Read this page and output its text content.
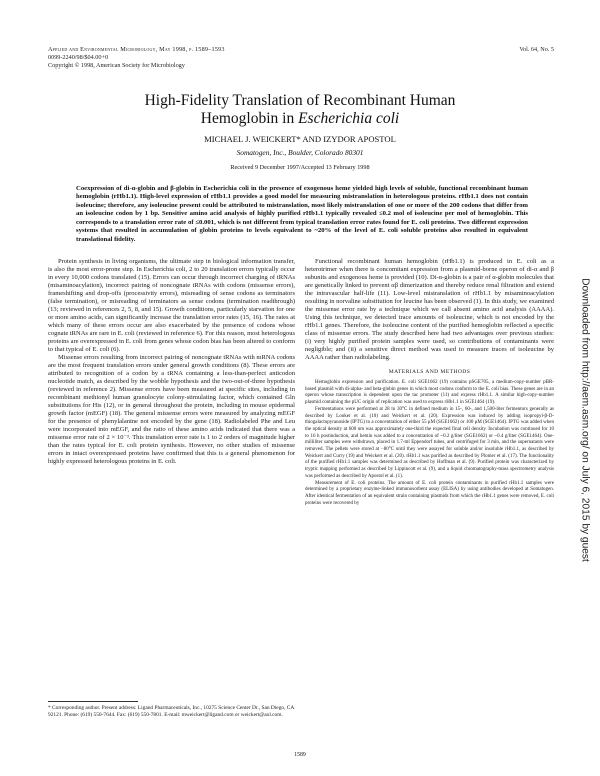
Applied and Environmental Microbiology, May 1998, p. 1589–1593	Vol. 64, No. 5
0099-2240/98/$04.00+0
Copyright © 1998, American Society for Microbiology
High-Fidelity Translation of Recombinant Human
Hemoglobin in Escherichia coli
MICHAEL J. WEICKERT* AND IZYDOR APOSTOL
Somatogen, Inc., Boulder, Colorado 80301
Received 9 December 1997/Accepted 13 February 1998
Coexpression of di-α-globin and β-globin in Escherichia coli in the presence of exogenous heme yielded high levels of soluble, functional recombinant human hemoglobin (rHb1.1). High-level expression of rHb1.1 provides a good model for measuring mistranslation in heterologous proteins. rHb1.1 does not contain isoleucine; therefore, any isoleucine present could be attributed to mistranslation, most likely mistranslation of one or more of the 200 codons that differ from an isoleucine codon by 1 bp. Sensitive amino acid analysis of highly purified rHb1.1 typically revealed ≤0.2 mol of isoleucine per mol of hemoglobin. This corresponds to a translation error rate of ≤0.001, which is not different from typical translation error rates found for E. coli proteins. Two different expression systems that resulted in accumulation of globin proteins to levels equivalent to ~20% of the level of E. coli soluble proteins also resulted in equivalent translational fidelity.

Protein synthesis in living organisms, the ultimate step in biological information transfer, is also the most error-prone step. In Escherichia coli, 2 to 20 translation errors typically occur in every 10,000 codons translated (15). Errors can occur through incorrect charging of tRNAs (misaminoacylation), incorrect pairing of noncognate tRNAs with codons (missense errors), frameshifting and drop-offs (processivity errors), misreading of sense codons as terminators (false termination), or misreading of terminators as sense codons (termination readthrough) (13; reviewed in references 2, 5, 8, and 15). Growth conditions, particularly starvation for one or more amino acids, can significantly increase the translation error rates (15, 16). The rates at which many of these errors occur are also exacerbated by the presence of codons whose cognate tRNAs are rare in E. coli (reviewed in reference 6). For this reason, most heterologous proteins are overexpressed in E. coli from genes whose codon bias has been altered to conform to that typical of E. coli (6).

Missense errors resulting from incorrect pairing of noncognate tRNAs with mRNA codons are the most frequent translation errors under general growth conditions (8). These errors are attributed to recognition of a codon by a tRNA containing a less-than-perfect anticodon nucleotide match, as described by the wobble hypothesis and the two-out-of-three hypothesis (reviewed in reference 2). Missense errors have been measured at specific sites, including in recombinant methionyl human granulocyte colony-stimulating factor, which contained Gln substitutions for His (12), or in general throughout the protein, including in mouse epidermal growth factor (mEGF) (18). The general missense errors were measured by analyzing mEGF for the presence of phenylalanine not encoded by the gene (18). Radiolabeled Phe and Leu were incorporated into mEGF, and the ratio of these amino acids indicated that there was a missense error rate of 2 × 10⁻³. This translation error rate is 1 to 2 orders of magnitude higher than the rates typical for E. coli protein synthesis. However, no other studies of missense errors in intact overexpressed proteins have confirmed that this is a general phenomenon for highly expressed heterologous proteins in E. coli.

Functional recombinant human hemoglobin (rHb1.1) is produced in E. coli as a heterotrimer when there is concomitant expression from a plasmid-borne operon of di-α and β subunits and exogenous heme is provided (10). Di-α-globin is a pair of α-globin molecules that are genetically linked to prevent αβ dimerization and thereby reduce renal filtration and extend the intravascular half-life (11). Low-level mistranslation of rHb1.1 by misaminoacylation resulting in norvaline substitution for leucine has been observed (1). In this study, we examined the missense error rate by a technique which we call absent amino acid analysis (AAAA). Using this technique, we detected trace amounts of isoleucine, which is not encoded by the rHb1.1 genes. Therefore, the isoleucine content of the purified hemoglobin reflected a specific class of missense errors. The study described here had two advantages over previous studies: (i) very highly purified protein samples were used, so contributions of contaminants were negligible; and (ii) a sensitive direct method was used to measure traces of isoleucine by AAAA rather than radiolabeling.

MATERIALS AND METHODS

Hemoglobin expression and purification. E. coli SGE1662 (19) contains pSGE705, a medium-copy-number pBR-based plasmid with di-alpha- and beta-globin genes in which most codons conform to the E. coli bias. These genes are in an operon whose transcription is dependent upon the tac promoter (11) and express rHb1.1. A similar high-copy-number plasmid containing the pUC origin of replication was used to express rHb1.1 in SGE1464 (19).

Fermentations were performed at 28 to 30°C in defined medium in 15-, 60-, and 1,500-liter fermentors generally as described by Looker et al. (10) and Weickert et al. (20). Expression was induced by adding isopropyl-β-D-thiogalactopyranoside (IPTG) to a concentration of either 55 μM (SGE1662) or 100 μM (SGE1464). IPTG was added when the optical density at 600 nm was approximately one-third the expected final cell density. Incubation was continued for 10 to 16 h postinduction, and hemin was added to a concentration of ~0.2 g/liter (SGE1662) or ~0.4 g/liter (SGE1464). One-milliliter samples were withdrawn, placed in 1.7-ml Eppendorf tubes, and centrifuged for 3 min, and the supernatants were removed. The pellets were stored at −80°C until they were assayed for soluble and/or insoluble rHb1.1, as described by Weickert and Curry (19) and Weickert et al. (20). rHb1.1 was purified as described by Plomer et al. (17). The functionality of the purified rHb1.1 samples was determined as described by Hoffman et al. (9). Purified protein was characterized by tryptic mapping performed as described by Lippincott et al. (9), and a liquid chromatography-mass spectrometry analysis was performed as described by Apostol et al. (1).

Measurement of E. coli proteins. The amount of E. coli protein contaminants in purified rHb1.1 samples were determined by a proprietary enzyme-linked immunosorbent assay (ELISA) by using antibodies developed at Somatogen. After identical fermentation of an equivalent strain containing plasmids from which the rHb1.1 genes were removed, E. coli proteins were recovered by

* Corresponding author. Present address: Ligand Pharmaceuticals, Inc., 10275 Science Center Dr., San Diego, CA 92121. Phone: (619) 550-7644. Fax: (619) 550-7801. E-mail: mweickert@ligand.com or weickert@aol.com.
1589
Downloaded from http://aem.asm.org/ on July 6, 2015 by guest
